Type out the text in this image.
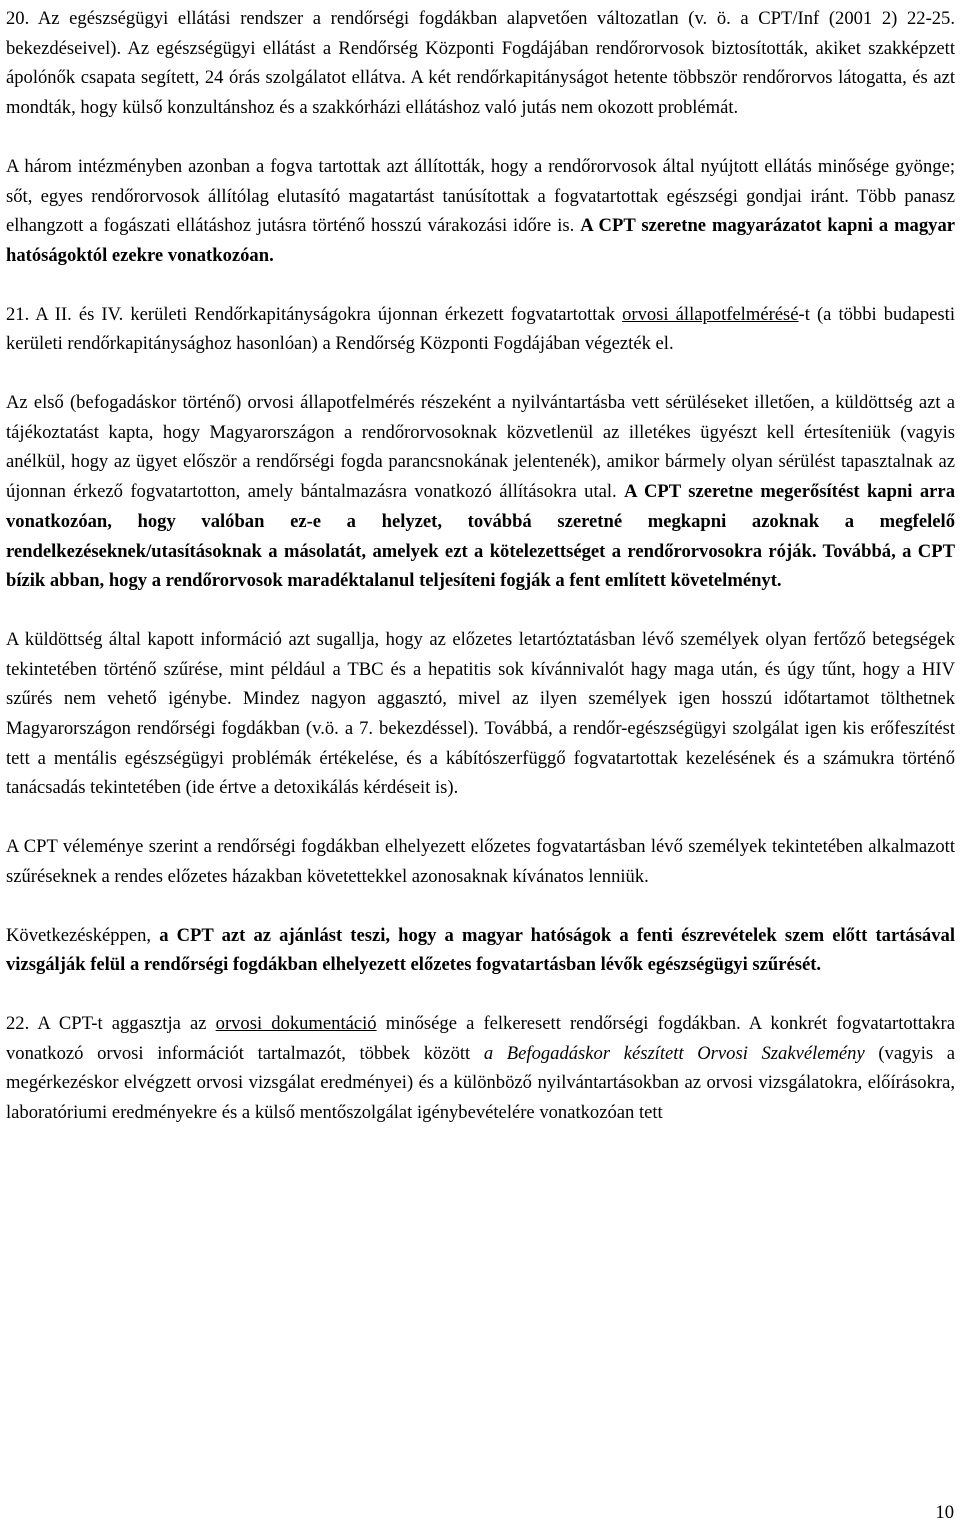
20. Az egészségügyi ellátási rendszer a rendőrségi fogdákban alapvetően változatlan (v. ö. a CPT/Inf (2001 2) 22-25. bekezdéseivel). Az egészségügyi ellátást a Rendőrség Központi Fogdájában rendőrorvosok biztosították, akiket szakképzett ápolónők csapata segített, 24 órás szolgálatot ellátva. A két rendőrkapitányságot hetente többször rendőrorvos látogatta, és azt mondták, hogy külső konzultánshoz és a szakkórházi ellátáshoz való jutás nem okozott problémát.

A három intézményben azonban a fogva tartottak azt állították, hogy a rendőrorvosok által nyújtott ellátás minősége gyönge; sőt, egyes rendőrorvosok állítólag elutasító magatartást tanúsítottak a fogvatartottak egészségi gondjai iránt. Több panasz elhangzott a fogászati ellátáshoz jutásra történő hosszú várakozási időre is. A CPT szeretne magyarázatot kapni a magyar hatóságoktól ezekre vonatkozóan.

21. A II. és IV. kerületi Rendőrkapitányságokra újonnan érkezett fogvatartottak orvosi állapotfelmérésé-t (a többi budapesti kerületi rendőrkapitánysághoz hasonlóan) a Rendőrség Központi Fogdájában végezték el.

Az első (befogadáskor történő) orvosi állapotfelmérés részeként a nyilvántartásba vett sérüléseket illetően, a küldöttség azt a tájékoztatást kapta, hogy Magyarországon a rendőrorvosoknak közvetlenül az illetékes ügyészt kell értesíteniük (vagyis anélkül, hogy az ügyet először a rendőrségi fogda parancsnokának jelentenék), amikor bármely olyan sérülést tapasztalnak az újonnan érkező fogvatartotton, amely bántalmazásra vonatkozó állításokra utal. A CPT szeretne megerősítést kapni arra vonatkozóan, hogy valóban ez-e a helyzet, továbbá szeretné megkapni azoknak a megfelelő rendelkezéseknek/utasításoknak a másolatát, amelyek ezt a kötelezettséget a rendőrorvosokra róják. Továbbá, a CPT bízik abban, hogy a rendőrorvosok maradéktalanul teljesíteni fogják a fent említett követelményt.

A küldöttség által kapott információ azt sugallja, hogy az előzetes letartóztatásban lévő személyek olyan fertőző betegségek tekintetében történő szűrése, mint például a TBC és a hepatitis sok kívánnivalót hagy maga után, és úgy tűnt, hogy a HIV szűrés nem vehető igénybe. Mindez nagyon aggasztó, mivel az ilyen személyek igen hosszú időtartamot tölthetnek Magyarországon rendőrségi fogdákban (v.ö. a 7. bekezdéssel). Továbbá, a rendőr-egészségügyi szolgálat igen kis erőfeszítést tett a mentális egészségügyi problémák értékelése, és a kábítószerfüggő fogvatartottak kezelésének és a számukra történő tanácsadás tekintetében (ide értve a detoxikálás kérdéseit is).

A CPT véleménye szerint a rendőrségi fogdákban elhelyezett előzetes fogvatartásban lévő személyek tekintetében alkalmazott szűréseknek a rendes előzetes házakban követettekkel azonosaknak kívánatos lenniük.

Következésképpen, a CPT azt az ajánlást teszi, hogy a magyar hatóságok a fenti észrevételek szem előtt tartásával vizsgálják felül a rendőrségi fogdákban elhelyezett előzetes fogvatartásban lévők egészségügyi szűrését.

22. A CPT-t aggasztja az orvosi dokumentáció minősége a felkeresett rendőrségi fogdákban. A konkrét fogvatartottakra vonatkozó orvosi információt tartalmazót, többek között a Befogadáskor készített Orvosi Szakvélemény (vagyis a megérkezéskor elvégzett orvosi vizsgálat eredményei) és a különböző nyilvántartásokban az orvosi vizsgálatokra, előírásokra, laboratóriumi eredményekre és a külső mentőszolgálat igénybevételére vonatkozóan tett

10
